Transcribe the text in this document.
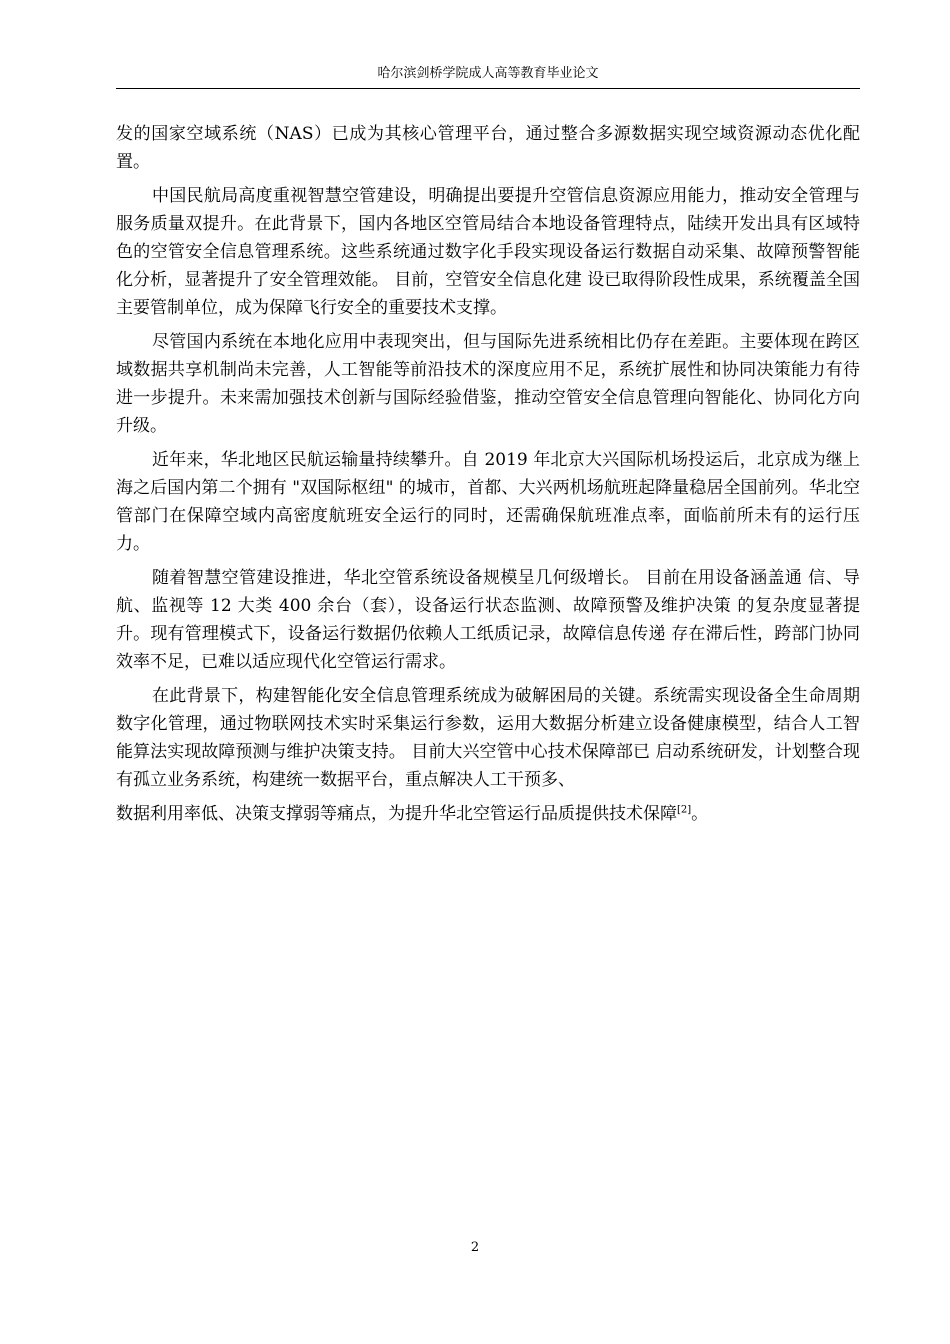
哈尔滨剑桥学院成人高等教育毕业论文

发的国家空域系统（NAS）已成为其核心管理平台，通过整合多源数据实现空域资源动态优化配置。

中国民航局高度重视智慧空管建设，明确提出要提升空管信息资源应用能力，推动安全管理与服务质量双提升。在此背景下，国内各地区空管局结合本地设备管理特点，陆续开发出具有区域特色的空管安全信息管理系统。这些系统通过数字化手段实现设备运行数据自动采集、故障预警智能化分析，显著提升了安全管理效能。 目前，空管安全信息化建 设已取得阶段性成果，系统覆盖全国主要管制单位，成为保障飞行安全的重要技术支撑。

尽管国内系统在本地化应用中表现突出，但与国际先进系统相比仍存在差距。主要体现在跨区域数据共享机制尚未完善，人工智能等前沿技术的深度应用不足，系统扩展性和协同决策能力有待进一步提升。未来需加强技术创新与国际经验借鉴，推动空管安全信息管理向智能化、协同化方向升级。

近年来，华北地区民航运输量持续攀升。自 2019 年北京大兴国际机场投运后，北京成为继上海之后国内第二个拥有 "双国际枢纽" 的城市，首都、大兴两机场航班起降量稳居全国前列。华北空管部门在保障空域内高密度航班安全运行的同时，还需确保航班准点率，面临前所未有的运行压力。

随着智慧空管建设推进，华北空管系统设备规模呈几何级增长。 目前在用设备涵盖通 信、导航、监视等 12 大类 400 余台（套），设备运行状态监测、故障预警及维护决策 的复杂度显著提升。现有管理模式下，设备运行数据仍依赖人工纸质记录，故障信息传递 存在滞后性，跨部门协同效率不足，已难以适应现代化空管运行需求。

在此背景下，构建智能化安全信息管理系统成为破解困局的关键。系统需实现设备全生命周期数字化管理，通过物联网技术实时采集运行参数，运用大数据分析建立设备健康模型，结合人工智能算法实现故障预测与维护决策支持。 目前大兴空管中心技术保障部已 启动系统研发，计划整合现有孤立业务系统，构建统一数据平台，重点解决人工干预多、

数据利用率低、决策支撑弱等痛点，为提升华北空管运行品质提供技术保障[2]。

2
